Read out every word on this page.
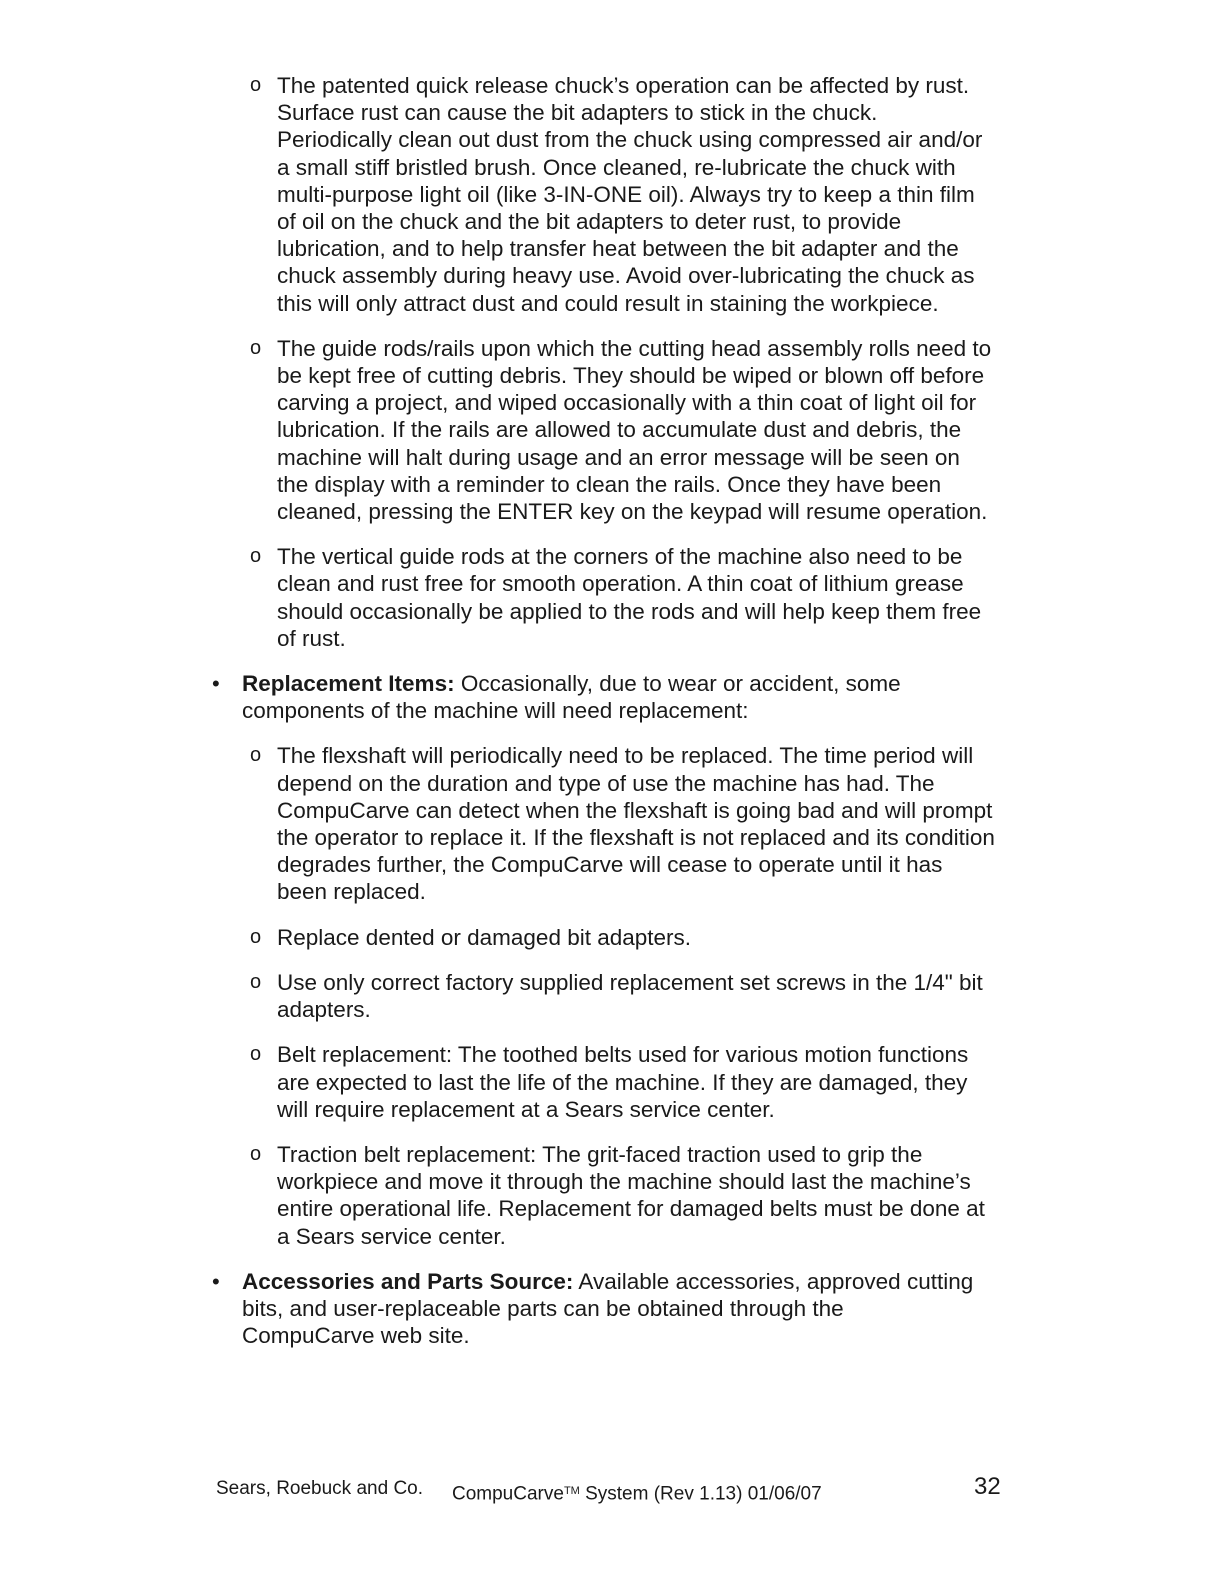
o The patented quick release chuck’s operation can be affected by rust. Surface rust can cause the bit adapters to stick in the chuck. Periodically clean out dust from the chuck using compressed air and/or a small stiff bristled brush. Once cleaned, re-lubricate the chuck with multi-purpose light oil (like 3-IN-ONE oil). Always try to keep a thin film of oil on the chuck and the bit adapters to deter rust, to provide lubrication, and to help transfer heat between the bit adapter and the chuck assembly during heavy use. Avoid over-lubricating the chuck as this will only attract dust and could result in staining the workpiece.
o The guide rods/rails upon which the cutting head assembly rolls need to be kept free of cutting debris. They should be wiped or blown off before carving a project, and wiped occasionally with a thin coat of light oil for lubrication. If the rails are allowed to accumulate dust and debris, the machine will halt during usage and an error message will be seen on the display with a reminder to clean the rails. Once they have been cleaned, pressing the ENTER key on the keypad will resume operation.
o The vertical guide rods at the corners of the machine also need to be clean and rust free for smooth operation. A thin coat of lithium grease should occasionally be applied to the rods and will help keep them free of rust.
• Replacement Items: Occasionally, due to wear or accident, some components of the machine will need replacement:
o The flexshaft will periodically need to be replaced. The time period will depend on the duration and type of use the machine has had. The CompuCarve can detect when the flexshaft is going bad and will prompt the operator to replace it. If the flexshaft is not replaced and its condition degrades further, the CompuCarve will cease to operate until it has been replaced.
o Replace dented or damaged bit adapters.
o Use only correct factory supplied replacement set screws in the 1/4" bit adapters.
o Belt replacement: The toothed belts used for various motion functions are expected to last the life of the machine. If they are damaged, they will require replacement at a Sears service center.
o Traction belt replacement: The grit-faced traction used to grip the workpiece and move it through the machine should last the machine’s entire operational life. Replacement for damaged belts must be done at a Sears service center.
• Accessories and Parts Source: Available accessories, approved cutting bits, and user-replaceable parts can be obtained through the CompuCarve web site.
Sears, Roebuck and Co. CompuCarve™ System (Rev 1.13) 01/06/07	32
